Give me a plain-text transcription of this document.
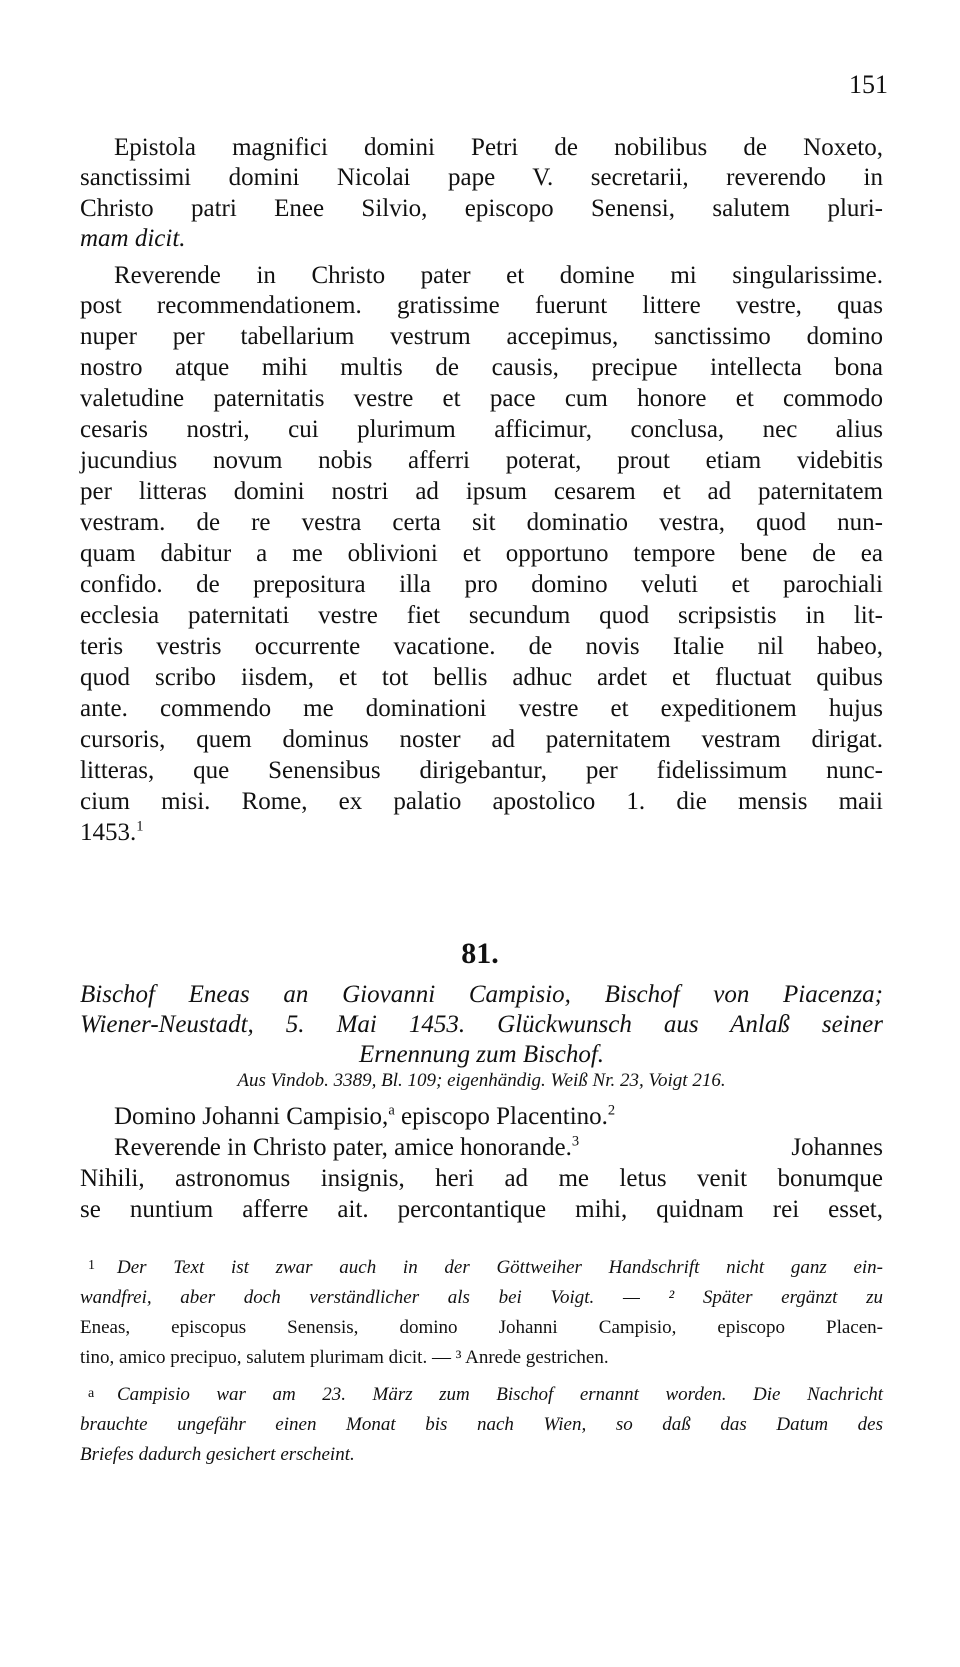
151
Epistola magnifici domini Petri de nobilibus de Noxeto,
sanctissimi domini Nicolai pape V. secretarii, reverendo in
Christo patri Enee Silvio, episcopo Senensi, salutem pluri-
mam dicit.
Reverende in Christo pater et domine mi singularissime.
post recommendationem. gratissime fuerunt littere vestre, quas
nuper per tabellarium vestrum accepimus, sanctissimo domino
nostro atque mihi multis de causis, precipue intellecta bona
valetudine paternitatis vestre et pace cum honore et commodo
cesaris nostri, cui plurimum afficimur, conclusa, nec alius
jucundius novum nobis afferri poterat, prout etiam videbitis
per litteras domini nostri ad ipsum cesarem et ad paternitatem
vestram. de re vestra certa sit dominatio vestra, quod nun-
quam dabitur a me oblivioni et opportuno tempore bene de ea
confido. de prepositura illa pro domino veluti et parochiali
ecclesia paternitati vestre fiet secundum quod scripsistis in lit-
teris vestris occurrente vacatione. de novis Italie nil habeo,
quod scribo iisdem, et tot bellis adhuc ardet et fluctuat quibus
ante. commendo me dominationi vestre et expeditionem hujus
cursoris, quem dominus noster ad paternitatem vestram dirigat.
litteras, que Senensibus dirigebantur, per fidelissimum nunc-
cium misi. Rome, ex palatio apostolico 1. die mensis maii
1453.$^1$
81.
Bischof Eneas an Giovanni Campisio, Bischof von Piacenza;
Wiener-Neustadt, 5. Mai 1453. Glückwunsch aus Anlaß seiner
Ernennung zum Bischof.
Aus Vindob. 3389, Bl. 109; eigenhändig. Weiß Nr. 23, Voigt 216.
Domino Johanni Campisio,$^a$ episcopo Placentino.$^2$
Reverende in Christo pater, amice honorande.$^3$	Johannes
Nihili, astronomus insignis, heri ad me letus venit bonumque
se nuntium afferre ait. percontantique mihi, quidnam rei esset,
1 Der Text ist zwar auch in der Göttweiher Handschrift nicht ganz ein-
wandfrei, aber doch verständlicher als bei Voigt. — ² Später ergänzt zu
Eneas, episcopus Senensis, domino Johanni Campisio, episcopo Placen-
tino, amico precipuo, salutem plurimam dicit. — ³ Anrede gestrichen.
a Campisio war am 23. März zum Bischof ernannt worden. Die Nachricht
brauchte ungefähr einen Monat bis nach Wien, so daß das Datum des
Briefes dadurch gesichert erscheint.
